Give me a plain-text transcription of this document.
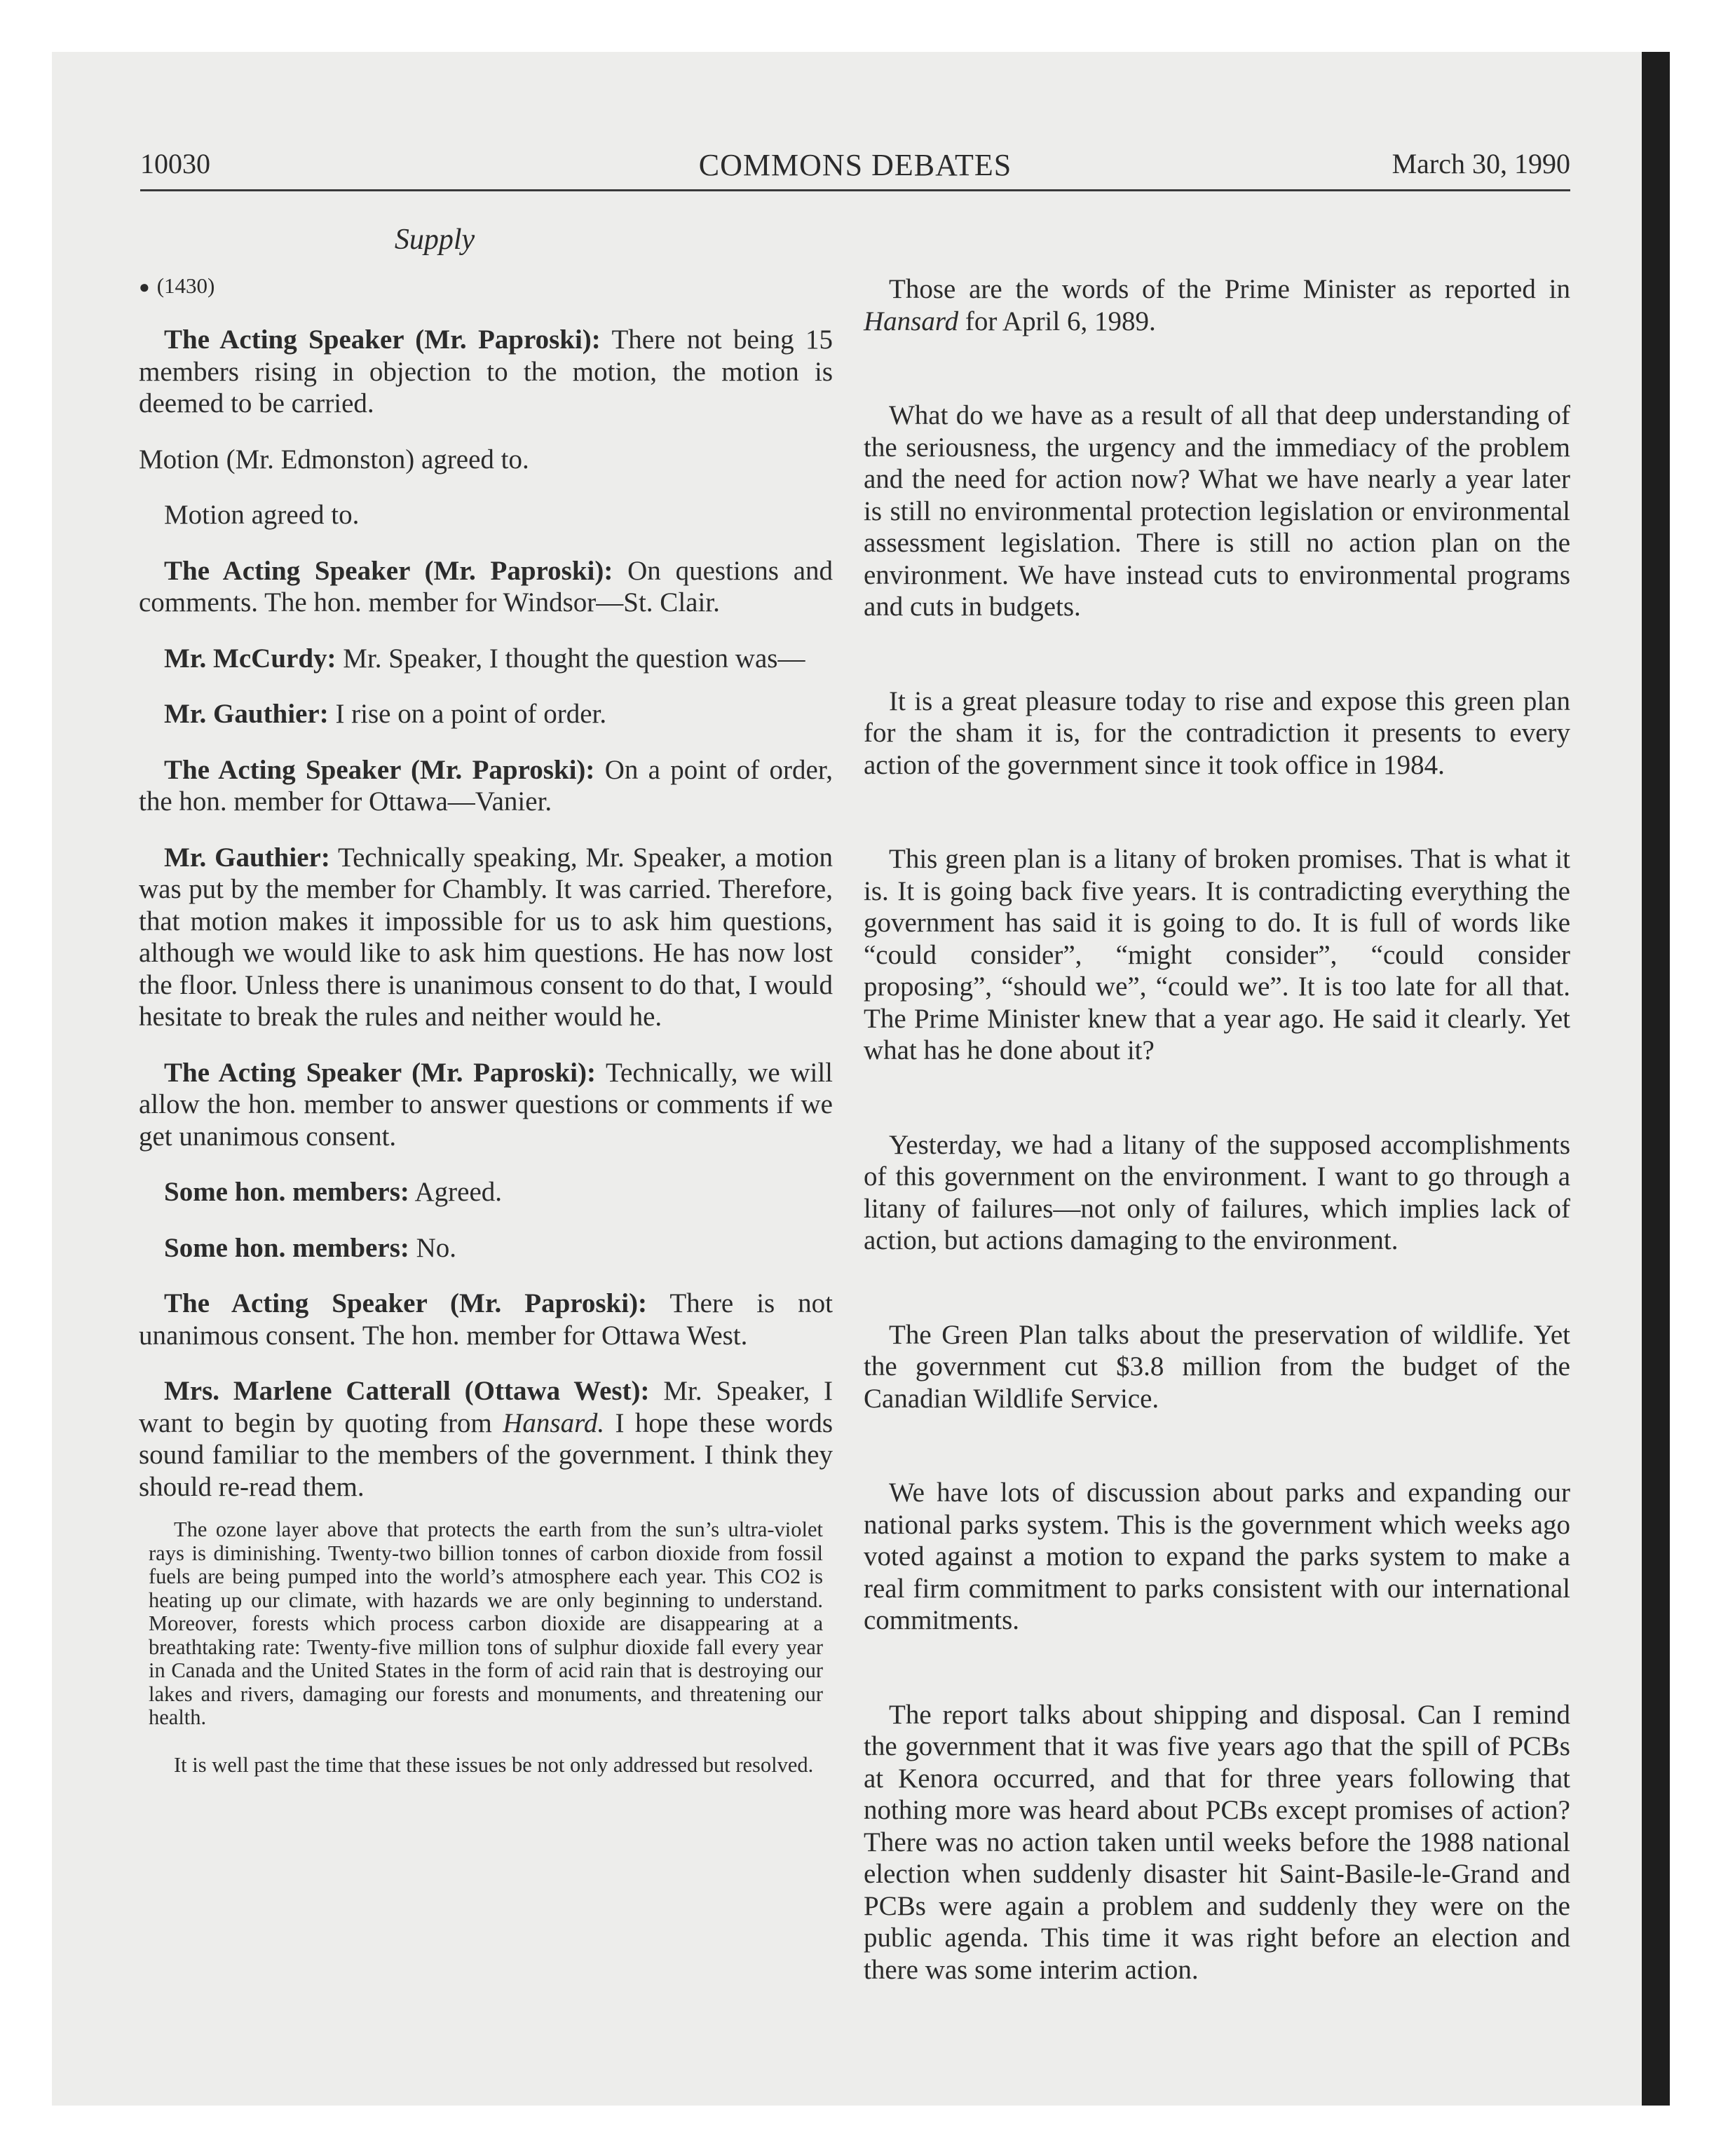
10030	COMMONS DEBATES	March 30, 1990
Supply

● (1430)

The Acting Speaker (Mr. Paproski): There not being 15 members rising in objection to the motion, the motion is deemed to be carried.

Motion (Mr. Edmonston) agreed to.

Motion agreed to.

The Acting Speaker (Mr. Paproski): On questions and comments. The hon. member for Windsor—St. Clair.

Mr. McCurdy: Mr. Speaker, I thought the question was—

Mr. Gauthier: I rise on a point of order.

The Acting Speaker (Mr. Paproski): On a point of order, the hon. member for Ottawa—Vanier.

Mr. Gauthier: Technically speaking, Mr. Speaker, a motion was put by the member for Chambly. It was carried. Therefore, that motion makes it impossible for us to ask him questions, although we would like to ask him questions. He has now lost the floor. Unless there is unanimous consent to do that, I would hesitate to break the rules and neither would he.

The Acting Speaker (Mr. Paproski): Technically, we will allow the hon. member to answer questions or comments if we get unanimous consent.

Some hon. members: Agreed.

Some hon. members: No.

The Acting Speaker (Mr. Paproski): There is not unanimous consent. The hon. member for Ottawa West.

Mrs. Marlene Catterall (Ottawa West): Mr. Speaker, I want to begin by quoting from Hansard. I hope these words sound familiar to the members of the government. I think they should re-read them.

The ozone layer above that protects the earth from the sun’s ultra-violet rays is diminishing. Twenty-two billion tonnes of carbon dioxide from fossil fuels are being pumped into the world’s atmosphere each year. This CO2 is heating up our climate, with hazards we are only beginning to understand. Moreover, forests which process carbon dioxide are disappearing at a breathtaking rate: Twenty-five million tons of sulphur dioxide fall every year in Canada and the United States in the form of acid rain that is destroying our lakes and rivers, damaging our forests and monuments, and threatening our health.

It is well past the time that these issues be not only addressed but resolved.

Those are the words of the Prime Minister as reported in Hansard for April 6, 1989.

What do we have as a result of all that deep understanding of the seriousness, the urgency and the immediacy of the problem and the need for action now? What we have nearly a year later is still no environmental protection legislation or environmental assessment legislation. There is still no action plan on the environment. We have instead cuts to environmental programs and cuts in budgets.

It is a great pleasure today to rise and expose this green plan for the sham it is, for the contradiction it presents to every action of the government since it took office in 1984.

This green plan is a litany of broken promises. That is what it is. It is going back five years. It is contradicting everything the government has said it is going to do. It is full of words like “could consider”, “might consider”, “could consider proposing”, “should we”, “could we”. It is too late for all that. The Prime Minister knew that a year ago. He said it clearly. Yet what has he done about it?

Yesterday, we had a litany of the supposed accomplishments of this government on the environment. I want to go through a litany of failures—not only of failures, which implies lack of action, but actions damaging to the environment.

The Green Plan talks about the preservation of wildlife. Yet the government cut $3.8 million from the budget of the Canadian Wildlife Service.

We have lots of discussion about parks and expanding our national parks system. This is the government which weeks ago voted against a motion to expand the parks system to make a real firm commitment to parks consistent with our international commitments.

The report talks about shipping and disposal. Can I remind the government that it was five years ago that the spill of PCBs at Kenora occurred, and that for three years following that nothing more was heard about PCBs except promises of action? There was no action taken until weeks before the 1988 national election when suddenly disaster hit Saint-Basile-le-Grand and PCBs were again a problem and suddenly they were on the public agenda. This time it was right before an election and there was some interim action.
